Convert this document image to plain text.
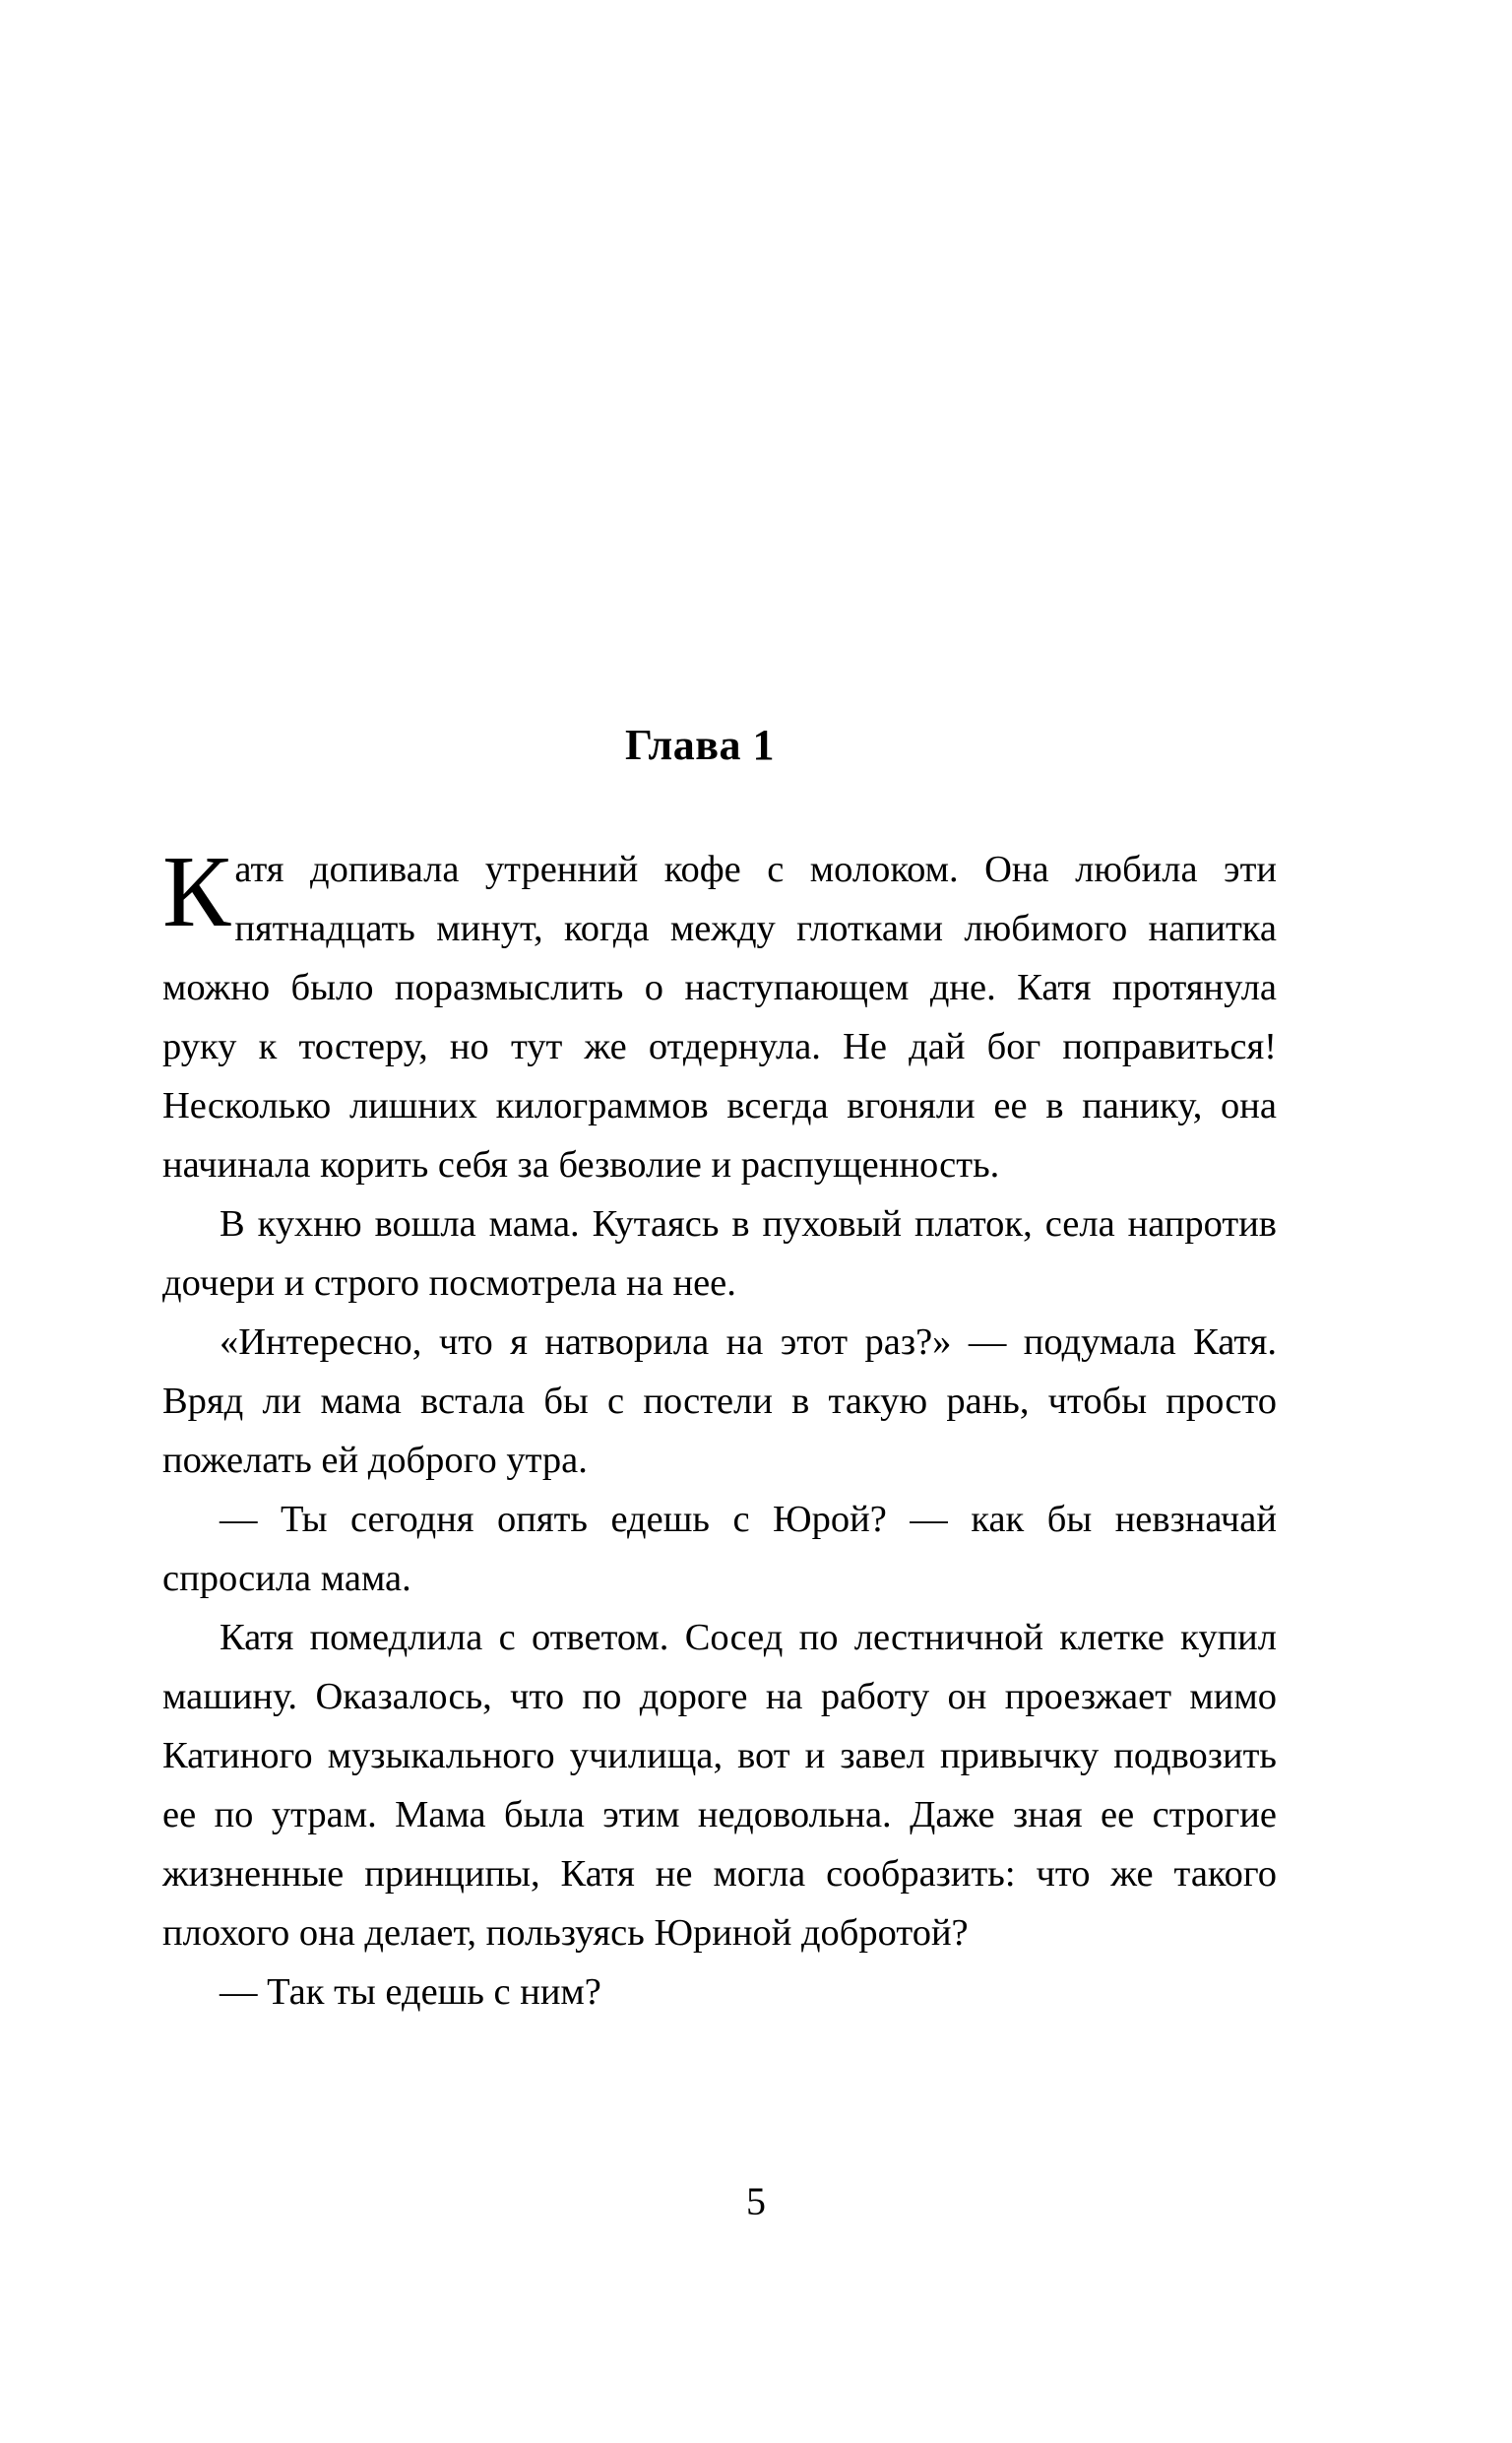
Глава 1

Катя допивала утренний кофе с молоком. Она любила эти пятнадцать минут, когда между глотками любимого напитка можно было поразмыслить о наступающем дне. Катя протянула руку к тостеру, но тут же отдернула. Не дай бог поправиться! Несколько лишних килограммов всегда вгоняли ее в панику, она начинала корить себя за безволие и распущенность.

В кухню вошла мама. Кутаясь в пуховый платок, села напротив дочери и строго посмотрела на нее.

«Интересно, что я натворила на этот раз?» — подумала Катя. Вряд ли мама встала бы с постели в такую рань, чтобы просто пожелать ей доброго утра.

— Ты сегодня опять едешь с Юрой? — как бы невзначай спросила мама.

Катя помедлила с ответом. Сосед по лестничной клетке купил машину. Оказалось, что по дороге на работу он проезжает мимо Катиного музыкального училища, вот и завел привычку подвозить ее по утрам. Мама была этим недовольна. Даже зная ее строгие жизненные принципы, Катя не могла сообразить: что же такого плохого она делает, пользуясь Юриной добротой?

— Так ты едешь с ним?

5
